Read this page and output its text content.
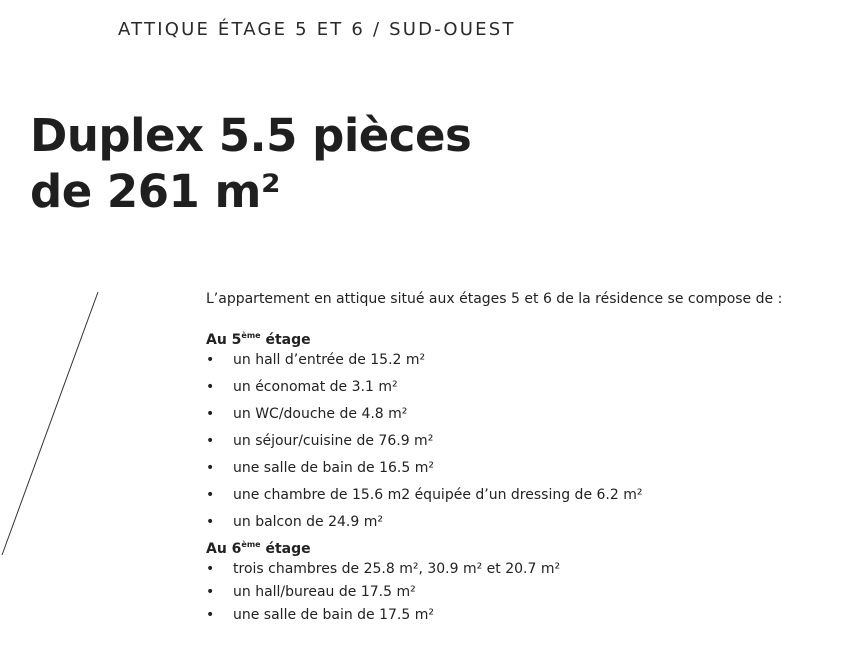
ATTIQUE ÉTAGE 5 ET 6 / SUD-OUEST
Duplex 5.5 pièces
de 261 m²

L’appartement en attique situé aux étages 5 et 6 de la résidence se compose de :

Au 5ème étage

• un hall d’entrée de 15.2 m²
• un économat de 3.1 m²
• un WC/douche de 4.8 m²
• un séjour/cuisine de 76.9 m²
• une salle de bain de 16.5 m²
• une chambre de 15.6 m2 équipée d’un dressing de 6.2 m²
• un balcon de 24.9 m²

Au 6ème étage

• trois chambres de 25.8 m², 30.9 m² et 20.7 m²
• un hall/bureau de 17.5 m²
• une salle de bain de 17.5 m²
